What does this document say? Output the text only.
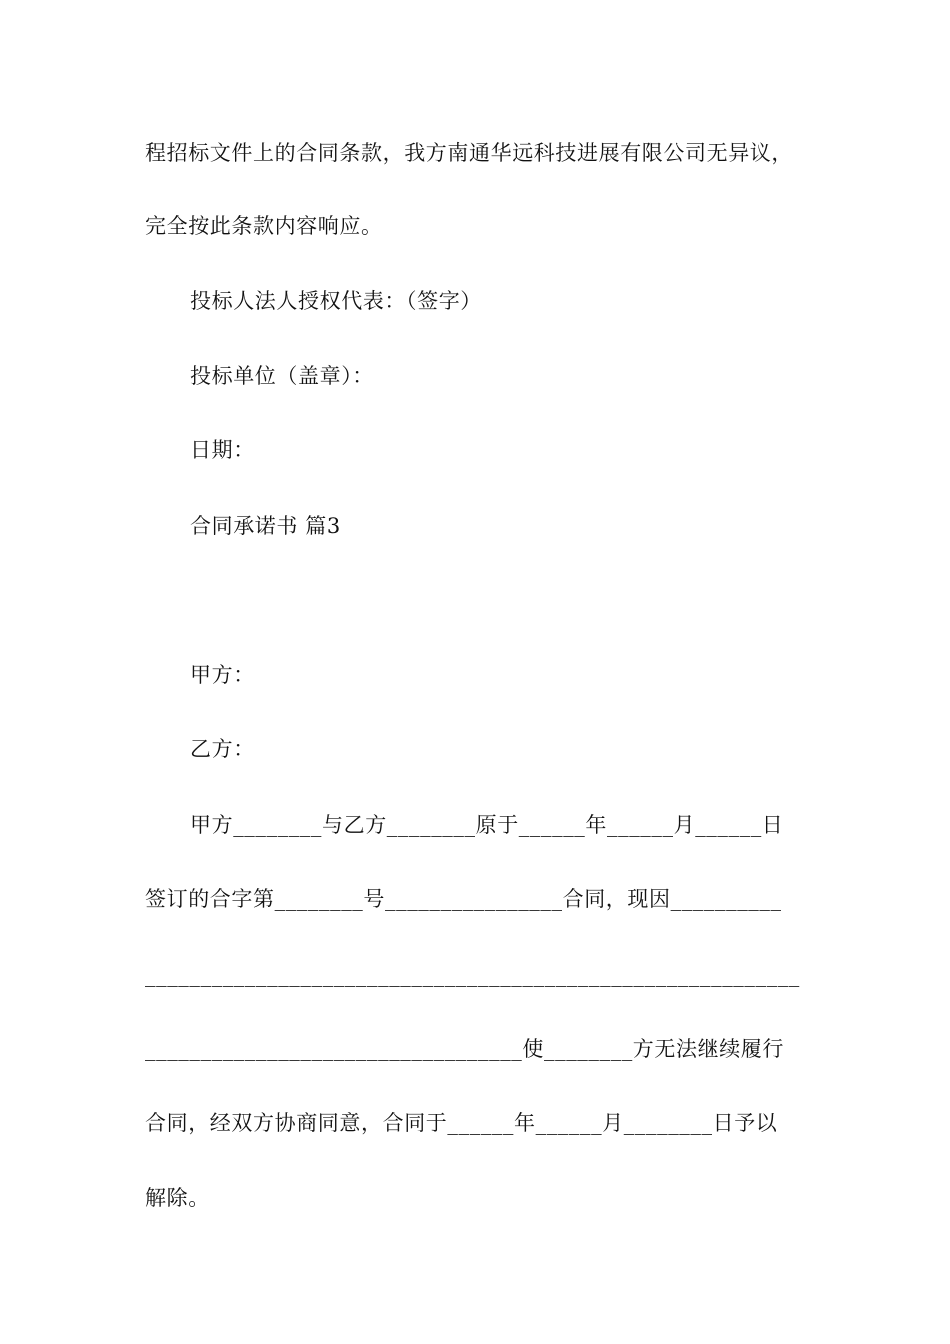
程招标文件上的合同条款，我方南通华远科技进展有限公司无异议，
完全按此条款内容响应。
投标人法人授权代表：（签字）
投标单位（盖章）：
日期：
合同承诺书 篇3
甲方：
乙方：
甲方________与乙方________原于______年______月______日
签订的合字第________号________________合同，现因__________
___________________________________________________________
__________________________________使________方无法继续履行
合同，经双方协商同意，合同于______年______月________日予以
解除。
